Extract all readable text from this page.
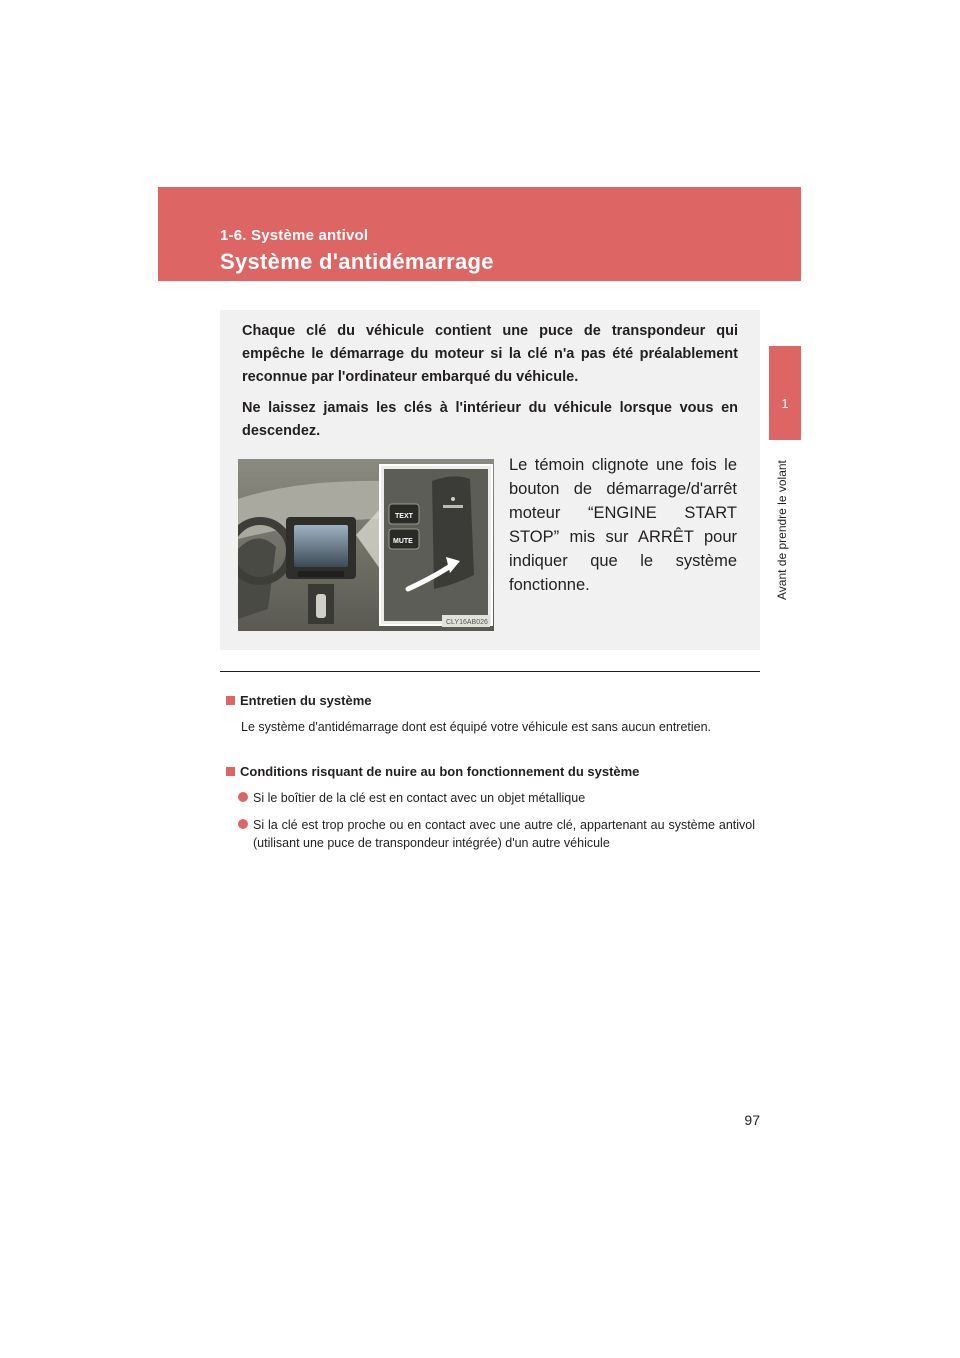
1-6. Système antivol
Système d'antidémarrage
1
Avant de prendre le volant

Chaque clé du véhicule contient une puce de transpondeur qui empêche le démarrage du moteur si la clé n'a pas été préalablement reconnue par l'ordinateur embarqué du véhicule.

Ne laissez jamais les clés à l'intérieur du véhicule lorsque vous en descendez.

TEXT
MUTE
CLY16AB026

Le témoin clignote une fois le bouton de démarrage/d'arrêt moteur “ENGINE START STOP” mis sur ARRÊT pour indiquer que le système fonctionne.

Entretien du système

Le système d'antidémarrage dont est équipé votre véhicule est sans aucun entretien.

Conditions risquant de nuire au bon fonctionnement du système
Si le boîtier de la clé est en contact avec un objet métallique
Si la clé est trop proche ou en contact avec une autre clé, appartenant au système antivol (utilisant une puce de transpondeur intégrée) d'un autre véhicule
97
